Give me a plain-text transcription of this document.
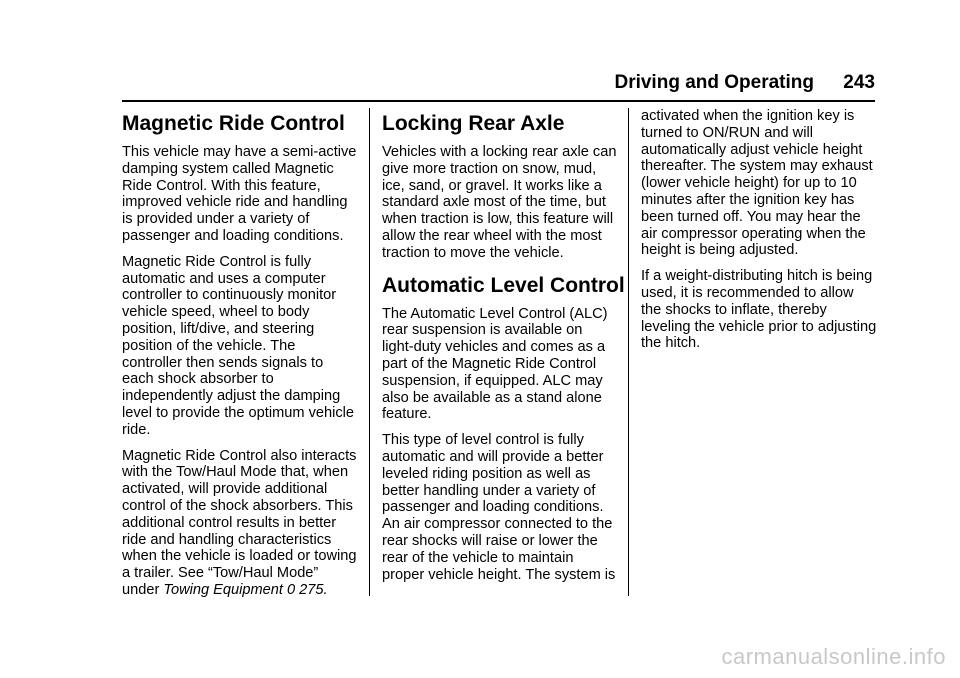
Driving and Operating 243
Magnetic Ride Control

This vehicle may have a semi-active damping system called Magnetic Ride Control. With this feature, improved vehicle ride and handling is provided under a variety of passenger and loading conditions.

Magnetic Ride Control is fully automatic and uses a computer controller to continuously monitor vehicle speed, wheel to body position, lift/dive, and steering position of the vehicle. The controller then sends signals to each shock absorber to independently adjust the damping level to provide the optimum vehicle ride.

Magnetic Ride Control also interacts with the Tow/Haul Mode that, when activated, will provide additional control of the shock absorbers. This additional control results in better ride and handling characteristics when the vehicle is loaded or towing a trailer. See “Tow/Haul Mode” under Towing Equipment 0 275.

Locking Rear Axle

Vehicles with a locking rear axle can give more traction on snow, mud, ice, sand, or gravel. It works like a standard axle most of the time, but when traction is low, this feature will allow the rear wheel with the most traction to move the vehicle.

Automatic Level Control

The Automatic Level Control (ALC) rear suspension is available on light-duty vehicles and comes as a part of the Magnetic Ride Control suspension, if equipped. ALC may also be available as a stand alone feature.

This type of level control is fully automatic and will provide a better leveled riding position as well as better handling under a variety of passenger and loading conditions. An air compressor connected to the rear shocks will raise or lower the rear of the vehicle to maintain proper vehicle height. The system is

activated when the ignition key is turned to ON/RUN and will automatically adjust vehicle height thereafter. The system may exhaust (lower vehicle height) for up to 10 minutes after the ignition key has been turned off. You may hear the air compressor operating when the height is being adjusted.

If a weight-distributing hitch is being used, it is recommended to allow the shocks to inflate, thereby leveling the vehicle prior to adjusting the hitch.

carmanualsonline.info
